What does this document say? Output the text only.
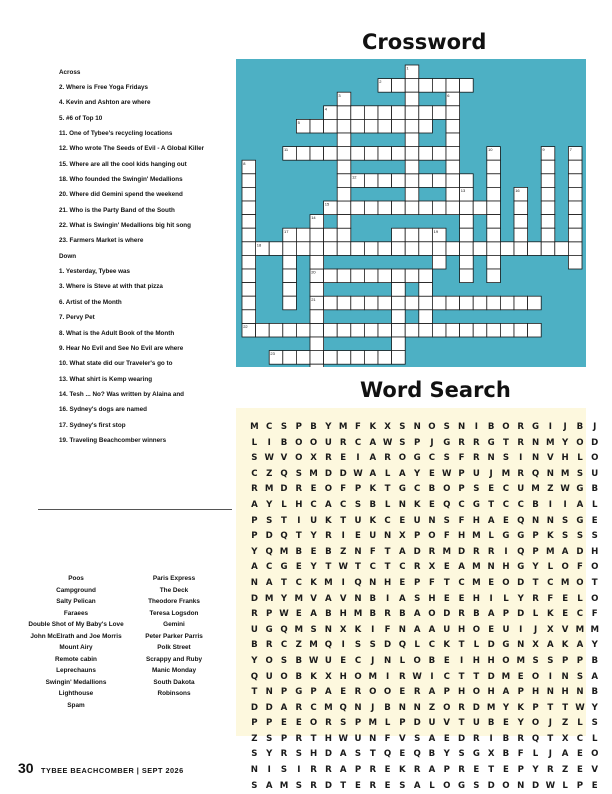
Crossword
Across
2. Where is Free Yoga Fridays
4. Kevin and Ashton are where
5. #6 of Top 10
11. One of Tybee's recycling locations
12. Who wrote The Seeds of Evil - A Global Killer
15. Where are all the cool kids hanging out
18. Who founded the Swingin' Medallions
20. Where did Gemini spend the weekend
21. Who is the Party Band of the South
22. What is Swingin' Medallions big hit song
23. Farmers Market is where
Down
1. Yesterday, Tybee was
3. Where is Steve at with that pizza
6. Artist of the Month
7. Pervy Pet
8. What is the Adult Book of the Month
9. Hear No Evil and See No Evil are where
10. What state did our Traveler's go to
13. What shirt is Kemp wearing
14. Tesh ... No? Was written by Alaina and
16. Sydney's dogs are named
17. Sydney's first stop
19. Traveling Beachcomber winners
Poos
Campground
Salty Pelican
Faraees
Double Shot of My Baby's Love
John McElrath and Joe Morris
Mount Airy
Remote cabin
Leprechauns
Swingin' Medallions
Lighthouse
Spam
Paris Express
The Deck
Theodore Franks
Teresa Logsdon
Gemini
Peter Parker Parris
Polk Street
Scrappy and Ruby
Manic Monday
South Dakota
Robinsons
1
2
3
4
5
6
7
8
9
10
11
12
13
14
15
16
17
18
19
20
21
22
23
Word Search
M C S P B Y M F K X S N O S N I B O R G I J B J
L I B O O U R C A W S P J G R R G T R N M Y O D
S W V O X R E I A R O G C S F R N S I N V H L O
C Z Q S M D D W A L A Y E W P U J M R Q N M S U
R M D R E O F P K T G C B O P S E C U M Z W G B
A Y L H C A C S B L N K E Q C G T C C B I I A L
P S T I U K T U K C E U N S F H A E Q N N S G E
P D Q T Y R I E U N X P O F H M L G G P K S S S
Y Q M B E B Z N F T A D R M D R R I Q P M A D H
A C G E Y T W T C T C R X E A M N H G Y L O F O
N A T C K M I Q N H E P F T C M E O D T C M O T
D M Y M V A V N B I A S H E E H I L Y R F E L O
R P W E A B H M B R B A O D R B A P D L K E C F
U G Q M S N X K I F N A A U H O E U I J X V M M
B R C Z M Q I S S D Q L C K T L D G N X A K A Y
Y O S B W U E C J N L O B E I H H O M S S P P B
Q U O B K X H O M I R W I C T T D M E O I N S A
T N P G P A E R O O E R A P H O H A P H N H N B
D D A R C M Q N J B N N Z O R D M Y K P T T W Y
P P E E O R S P M L P D U V T U B E Y O J Z L S
Z S P R T H W U N F V S A E D R I B R Q T X C L
S Y R S H D A S T Q E Q B Y S G X B F L J A E O
N I S I R R A P R E K R A P R E T E P Y R Z E V
S A M S R D T E R E S A L O G S D O N D W L P E
30 TYBEE BEACHCOMBER | SEPT 2026
